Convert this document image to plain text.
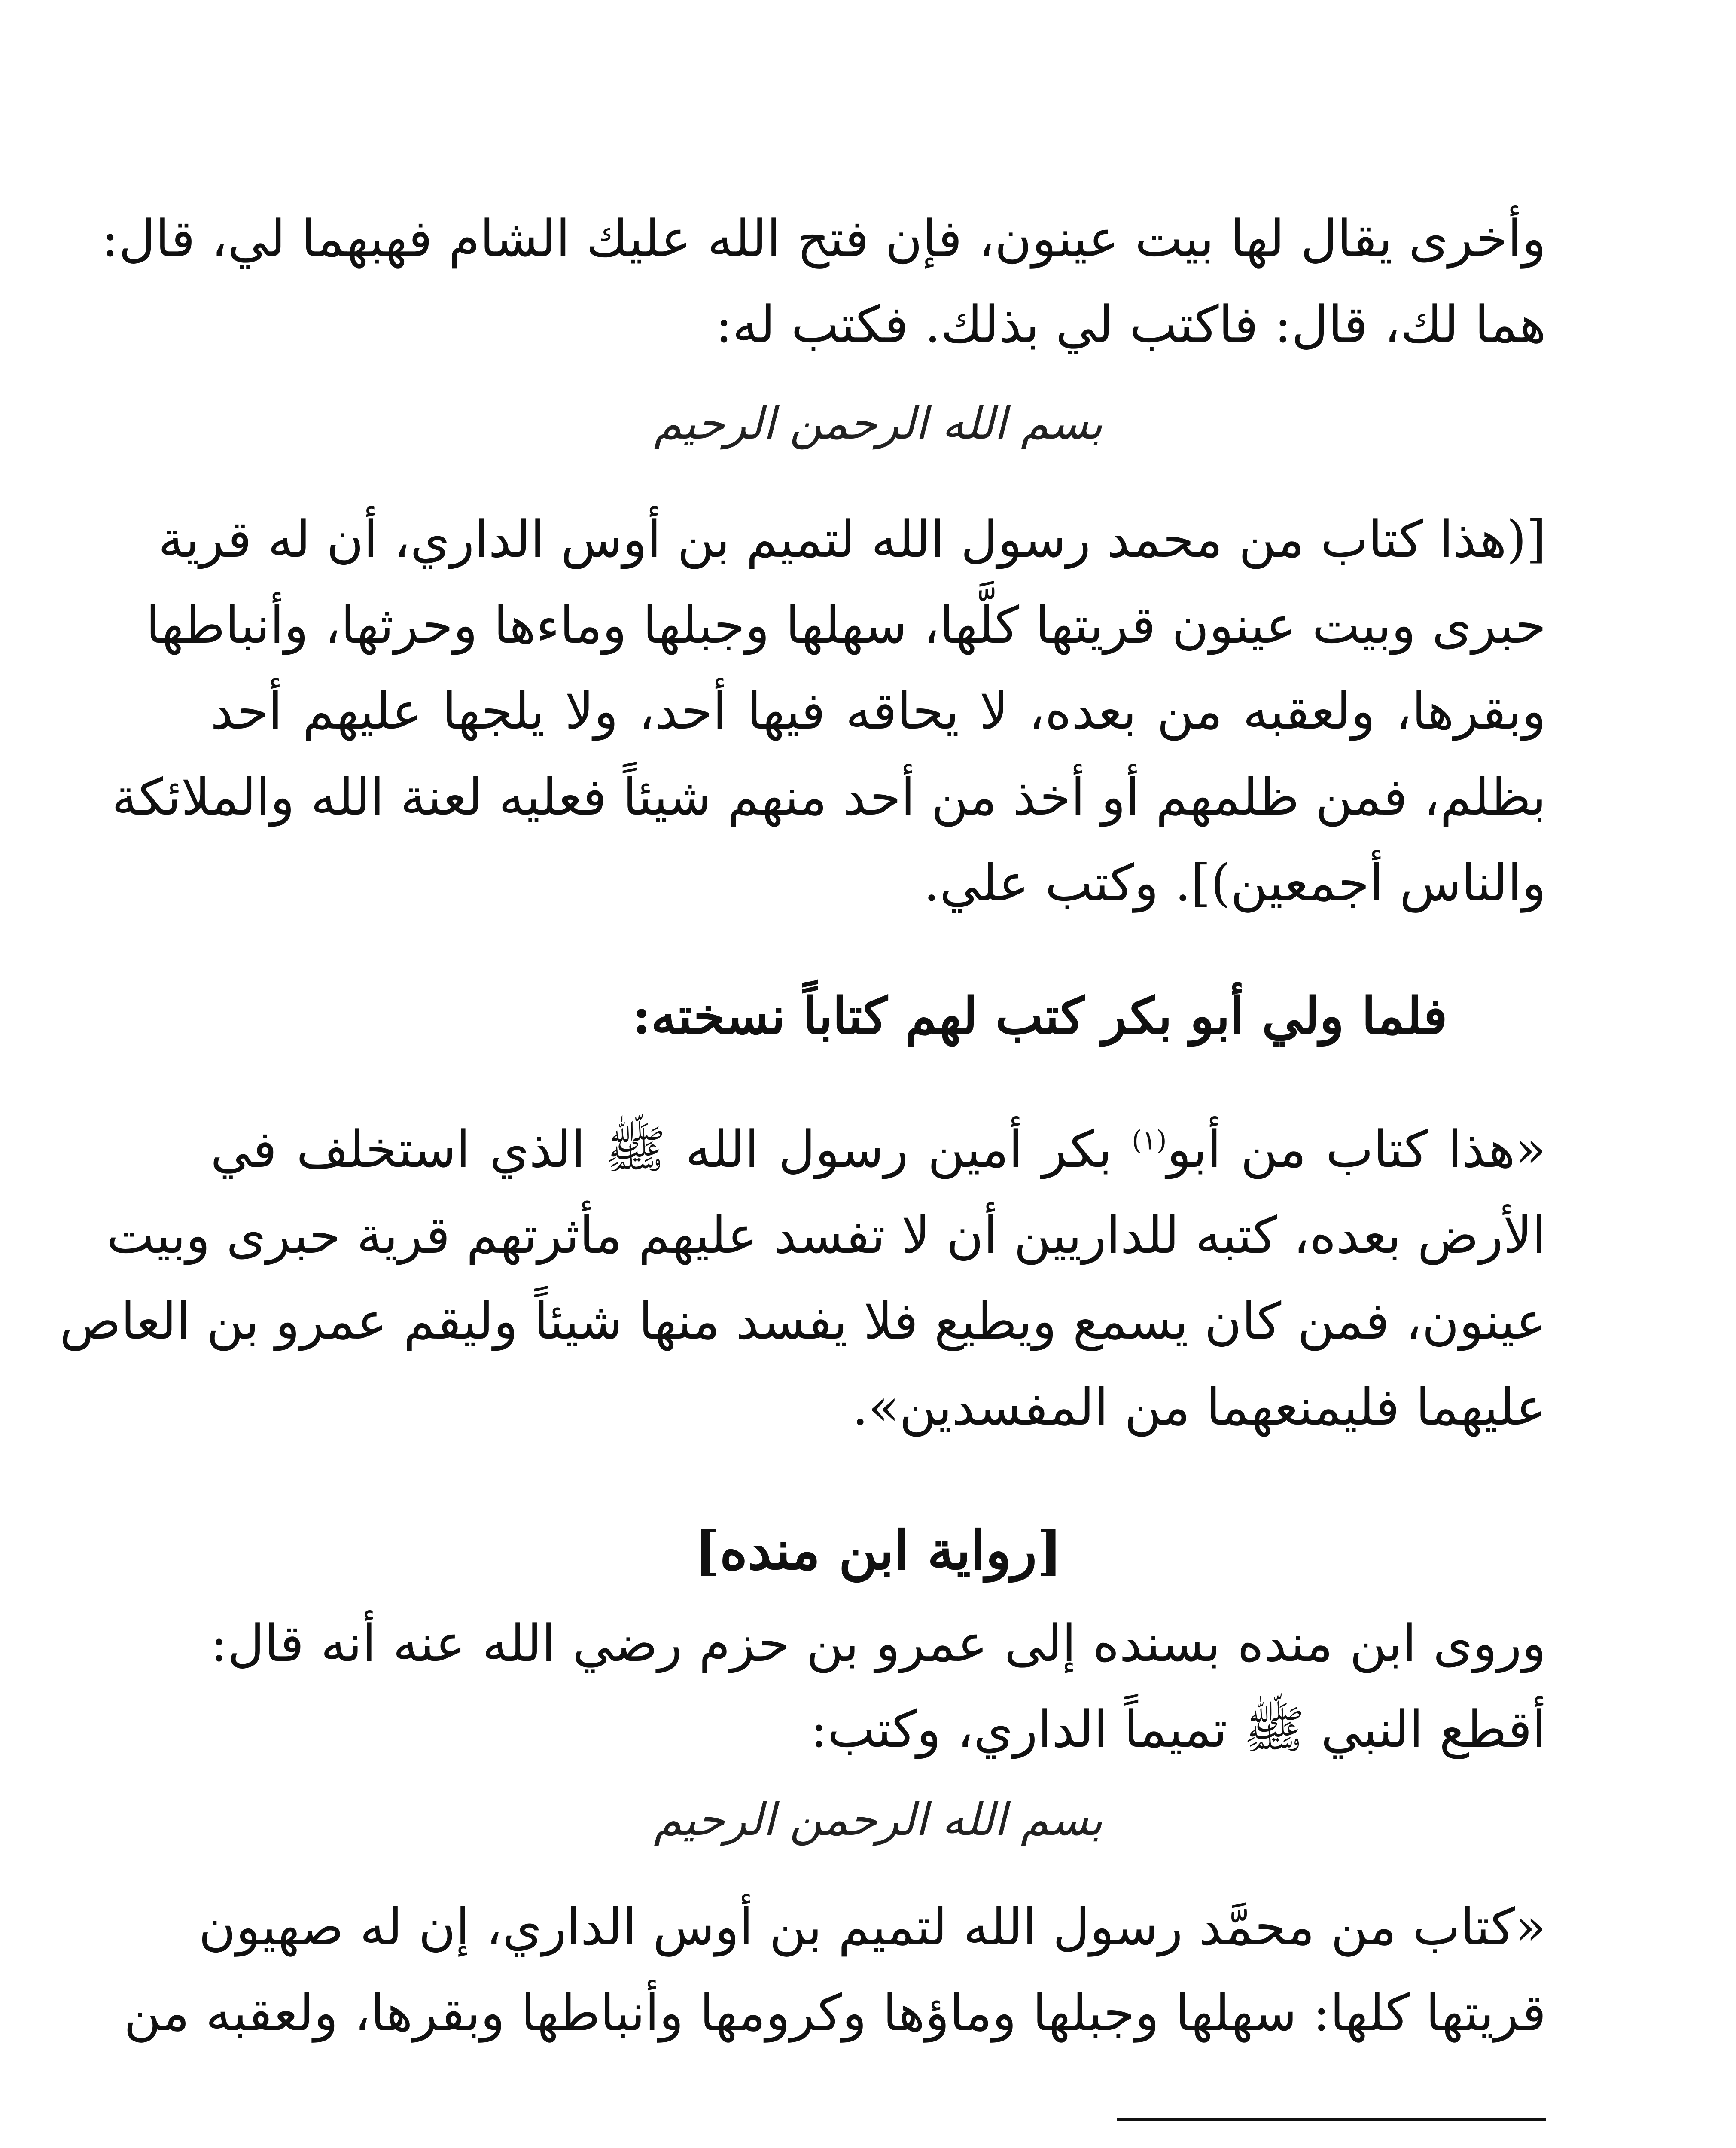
وأخرى يقال لها بيت عينون، فإن فتح الله عليك الشام فهبهما لي، قال:
هما لك، قال: فاكتب لي بذلك. فكتب له:
بسم الله الرحمن الرحيم
[(هذا كتاب من محمد رسول الله لتميم بن أوس الداري، أن له قرية
حبرى وبيت عينون قريتها كلَّها، سهلها وجبلها وماءها وحرثها، وأنباطها
وبقرها، ولعقبه من بعده، لا يحاقه فيها أحد، ولا يلجها عليهم أحد
بظلم، فمن ظلمهم أو أخذ من أحد منهم شيئاً فعليه لعنة الله والملائكة
والناس أجمعين)]. وكتب علي.
فلما ولي أبو بكر كتب لهم كتاباً نسخته:
«هذا كتاب من أبو$^{(١)}$ بكر أمين رسول الله ﷺ الذي استخلف في
الأرض بعده، كتبه للداريين أن لا تفسد عليهم مأثرتهم قرية حبرى وبيت
عينون، فمن كان يسمع ويطيع فلا يفسد منها شيئاً وليقم عمرو بن العاص
عليهما فليمنعهما من المفسدين».
[رواية ابن منده]
وروى ابن منده بسنده إلى عمرو بن حزم رضي الله عنه أنه قال:
أقطع النبي ﷺ تميماً الداري، وكتب:
بسم الله الرحمن الرحيم
«كتاب من محمَّد رسول الله لتميم بن أوس الداري، إن له صهيون
قريتها كلها: سهلها وجبلها وماؤها وكرومها وأنباطها وبقرها، ولعقبه من
